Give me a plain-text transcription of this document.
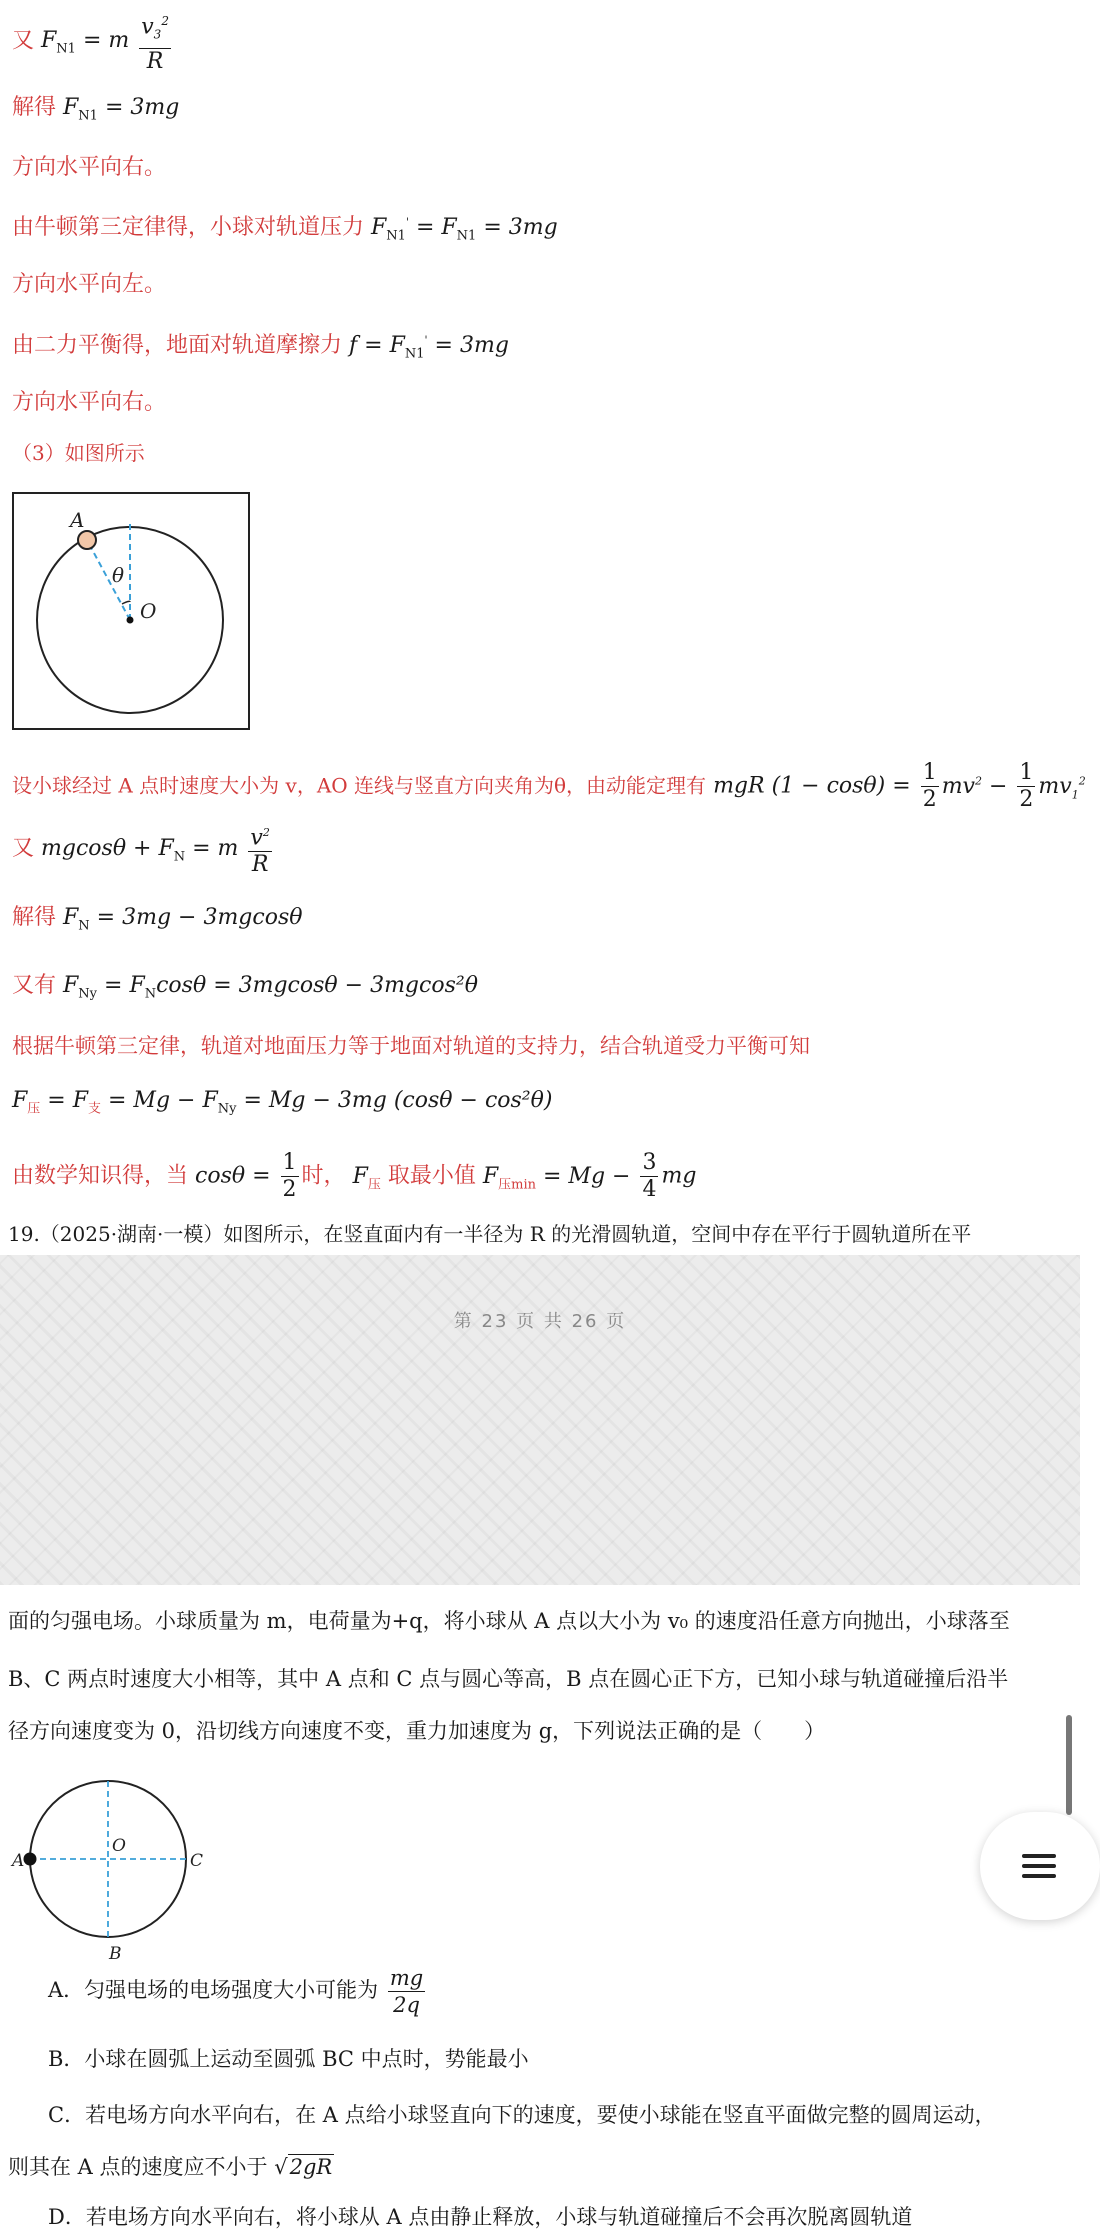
又 $F_{N1} = m \frac{v_3^2}{R}$
解得 $F_{N1} = 3mg$
方向水平向右。
由牛顿第三定律得，小球对轨道压力 $F_{N1}' = F_{N1} = 3mg$
方向水平向左。
由二力平衡得，地面对轨道摩擦力 $f = F_{N1}' = 3mg$
方向水平向右。
（3）如图所示
A
θ
O
设小球经过 A 点时速度大小为 v，AO 连线与竖直方向夹角为θ，由动能定理有 mgR $(1 - \cos\theta) = \frac{1}{2} mv^2 - \frac{1}{2} mv_1^2$
又 $mgcos\theta + F_N = m \frac{v^2}{R}$
解得 $F_N = 3mg - 3mgcos\theta$
又有 $F_{Ny} = F_N\cos\theta = 3mgcos\theta - 3mgcos^2\theta$
根据牛顿第三定律，轨道对地面压力等于地面对轨道的支持力，结合轨道受力平衡可知
$F_压 = F_支 = Mg - F_{Ny} = Mg - 3mg$ (cosθ − cos²θ)
由数学知识得，当 $\cos\theta = \frac{1}{2}$ 时， $F_压$ 取最小值 $F_{压min} = Mg - \frac{3}{4}$ mg
19.（2025·湖南·一模）如图所示，在竖直面内有一半径为 R 的光滑圆轨道，空间中存在平行于圆轨道所在平
第 23 页 共 26 页
面的匀强电场。小球质量为 m，电荷量为+q，将小球从 A 点以大小为 v₀ 的速度沿任意方向抛出，小球落至
B、C 两点时速度大小相等，其中 A 点和 C 点与圆心等高，B 点在圆心正下方，已知小球与轨道碰撞后沿半
径方向速度变为 0，沿切线方向速度不变，重力加速度为 g，下列说法正确的是（　　）
A	C
B
O
A．匀强电场的电场强度大小可能为 $\frac{mg}{2q}$
B．小球在圆弧上运动至圆弧 BC 中点时，势能最小
C．若电场方向水平向右，在 A 点给小球竖直向下的速度，要使小球能在竖直平面做完整的圆周运动，
则其在 A 点的速度应不小于 √2gR
D．若电场方向水平向右，将小球从 A 点由静止释放，小球与轨道碰撞后不会再次脱离圆轨道
